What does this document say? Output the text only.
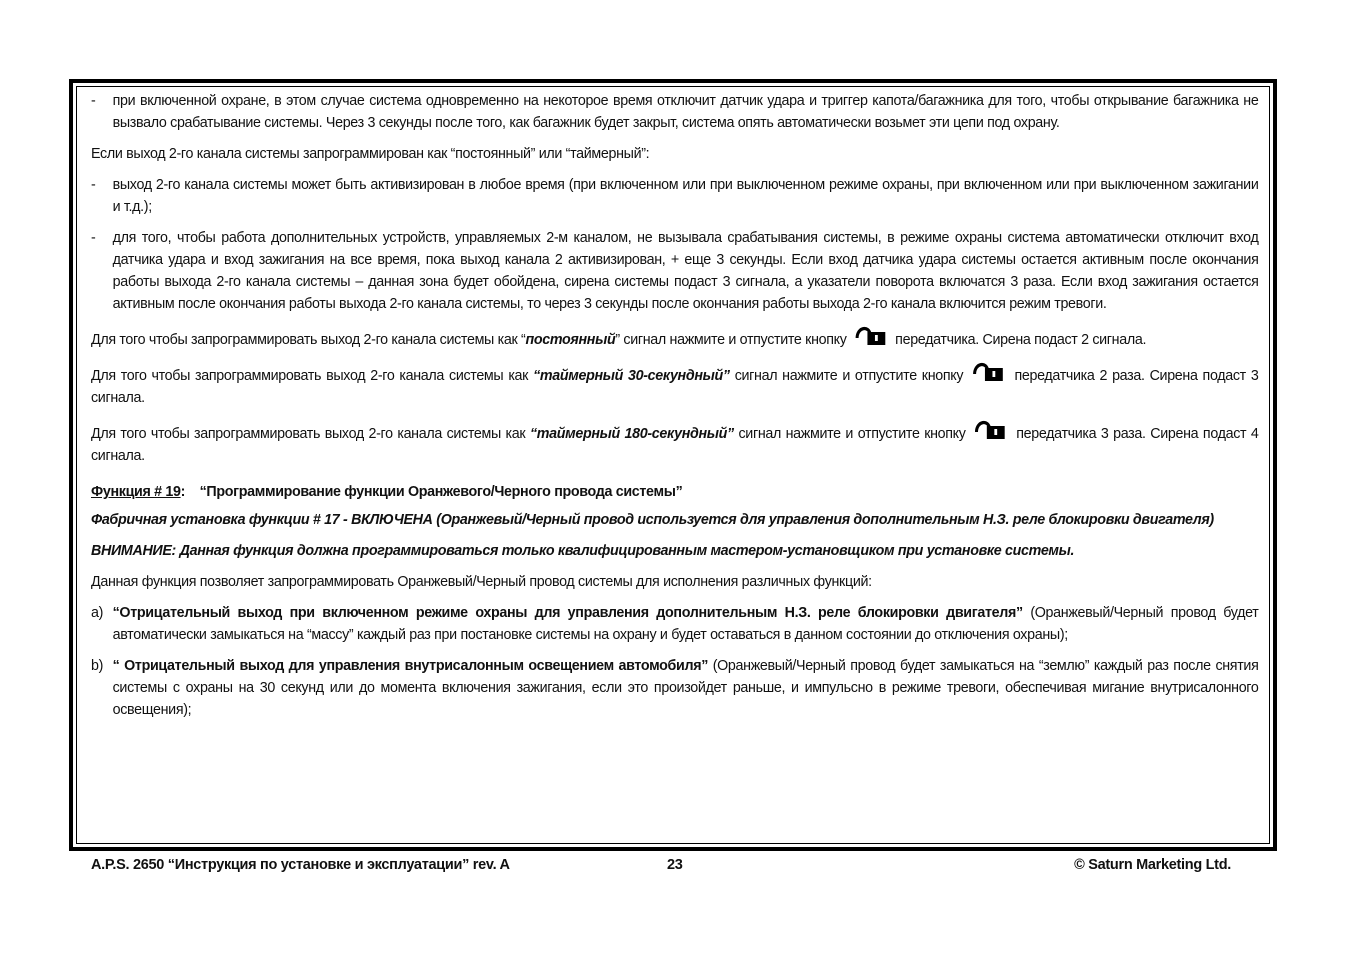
-	при включенной охране, в этом случае система одновременно на некоторое время отключит датчик удара и триггер капота/багажника для того, чтобы открывание багажника не вызвало срабатывание системы. Через 3 секунды после того, как багажник будет закрыт, система опять автоматически возьмет эти цепи под охрану.

Если выход 2-го канала системы запрограммирован как “постоянный” или “таймерный”:

-	выход 2-го канала системы может быть активизирован в любое время (при включенном или при выключенном режиме охраны, при включенном или при выключенном зажигании и т.д.);
-	для того, чтобы работа дополнительных устройств, управляемых 2-м каналом, не вызывала срабатывания системы, в режиме охраны система автоматически отключит вход датчика удара и вход зажигания на все время, пока выход канала 2 активизирован, + еще 3 секунды. Если вход датчика удара системы остается активным после окончания работы выхода 2-го канала системы – данная зона будет обойдена, сирена системы подаст 3 сигнала, а указатели поворота включатся 3 раза. Если вход зажигания остается активным после окончания работы выхода 2-го канала системы, то через 3 секунды после окончания работы выхода 2-го канала включится режим тревоги.

Для того чтобы запрограммировать выход 2-го канала системы как “постоянный” сигнал нажмите и отпустите кнопку	передатчика. Сирена подаст 2 сигнала.

Для того чтобы запрограммировать выход 2-го канала системы как “таймерный 30-секундный” сигнал нажмите и отпустите кнопку	передатчика 2 раза. Сирена подаст 3 сигнала.

Для того чтобы запрограммировать выход 2-го канала системы как “таймерный 180-секундный” сигнал нажмите и отпустите кнопку	передатчика 3 раза. Сирена подаст 4 сигнала.

Функция # 19: “Программирование функции Оранжевого/Черного провода системы”

Фабричная установка функции # 17 - ВКЛЮЧЕНА (Оранжевый/Черный провод используется для управления дополнительным Н.З. реле блокировки двигателя)

ВНИМАНИЕ: Данная функция должна программироваться только квалифицированным мастером-установщиком при установке системы.

Данная функция позволяет запрограммировать Оранжевый/Черный провод системы для исполнения различных функций:

a) “Отрицательный выход при включенном режиме охраны для управления дополнительным Н.З. реле блокировки двигателя” (Оранжевый/Черный провод будет автоматически замыкаться на “массу” каждый раз при постановке системы на охрану и будет оставаться в данном состоянии до отключения охраны);
b) “ Отрицательный выход для управления внутрисалонным освещением автомобиля” (Оранжевый/Черный провод будет замыкаться на “землю” каждый раз после снятия системы с охраны на 30 секунд или до момента включения зажигания, если это произойдет раньше, и импульсно в режиме тревоги, обеспечивая мигание внутрисалонного освещения);
A.P.S. 2650 “Инструкция по установке и эксплуатации” rev. A	23	© Saturn Marketing Ltd.
